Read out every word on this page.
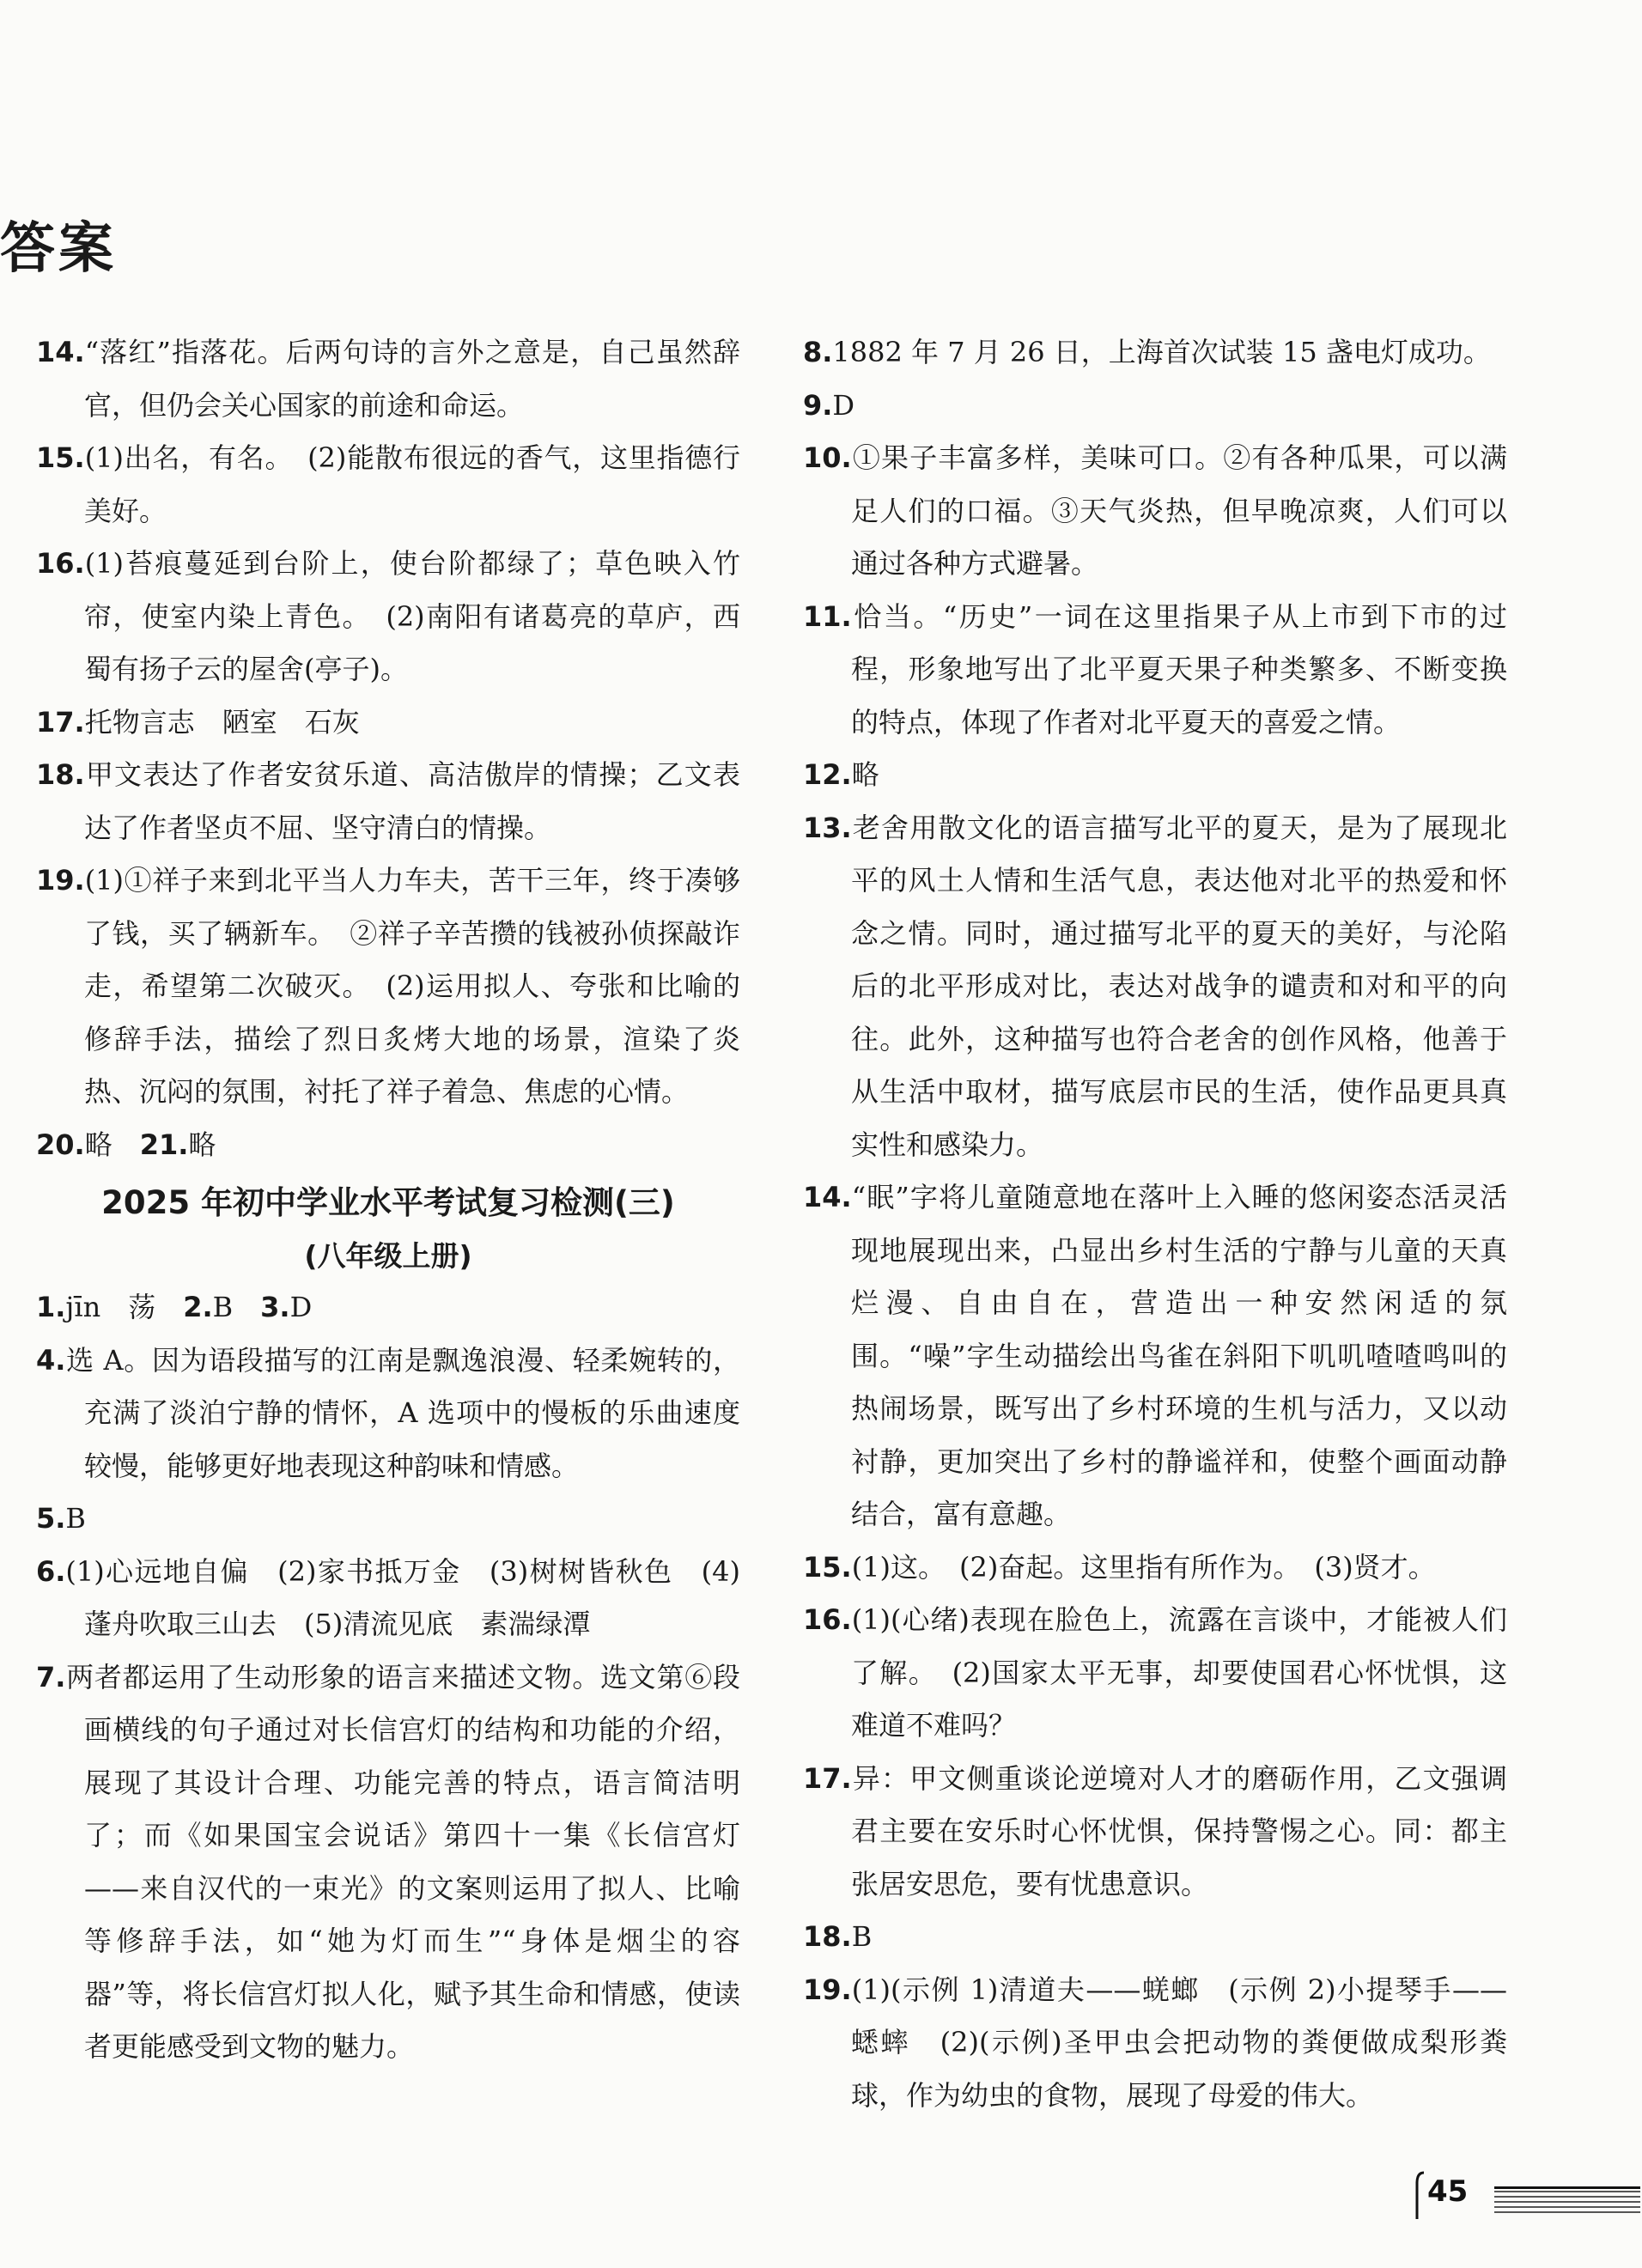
答案

14.“落红”指落花。后两句诗的言外之意是，自己虽然辞官，但仍会关心国家的前途和命运。

15.(1)出名，有名。　(2)能散布很远的香气，这里指德行美好。

16.(1)苔痕蔓延到台阶上，使台阶都绿了；草色映入竹帘，使室内染上青色。　(2)南阳有诸葛亮的草庐，西蜀有扬子云的屋舍(亭子)。

17.托物言志　陋室　石灰

18.甲文表达了作者安贫乐道、高洁傲岸的情操；乙文表达了作者坚贞不屈、坚守清白的情操。

19.(1)①祥子来到北平当人力车夫，苦干三年，终于凑够了钱，买了辆新车。　②祥子辛苦攒的钱被孙侦探敲诈走，希望第二次破灭。　(2)运用拟人、夸张和比喻的修辞手法，描绘了烈日炙烤大地的场景，渲染了炎热、沉闷的氛围，衬托了祥子着急、焦虑的心情。

20.略　21.略

2025 年初中学业水平考试复习检测(三)

(八年级上册)

1.jīn　荡　2.B　3.D

4.选 A。因为语段描写的江南是飘逸浪漫、轻柔婉转的，充满了淡泊宁静的情怀，A 选项中的慢板的乐曲速度较慢，能够更好地表现这种韵味和情感。

5.B

6.(1)心远地自偏　(2)家书抵万金　(3)树树皆秋色　(4)蓬舟吹取三山去　(5)清流见底　素湍绿潭

7.两者都运用了生动形象的语言来描述文物。选文第⑥段画横线的句子通过对长信宫灯的结构和功能的介绍，展现了其设计合理、功能完善的特点，语言简洁明了；而《如果国宝会说话》第四十一集《长信宫灯——来自汉代的一束光》的文案则运用了拟人、比喻等修辞手法，如“她为灯而生”“身体是烟尘的容器”等，将长信宫灯拟人化，赋予其生命和情感，使读者更能感受到文物的魅力。

8.1882 年 7 月 26 日，上海首次试装 15 盏电灯成功。

9.D

10.①果子丰富多样，美味可口。②有各种瓜果，可以满足人们的口福。③天气炎热，但早晚凉爽，人们可以通过各种方式避暑。

11.恰当。“历史”一词在这里指果子从上市到下市的过程，形象地写出了北平夏天果子种类繁多、不断变换的特点，体现了作者对北平夏天的喜爱之情。

12.略

13.老舍用散文化的语言描写北平的夏天，是为了展现北平的风土人情和生活气息，表达他对北平的热爱和怀念之情。同时，通过描写北平的夏天的美好，与沦陷后的北平形成对比，表达对战争的谴责和对和平的向往。此外，这种描写也符合老舍的创作风格，他善于从生活中取材，描写底层市民的生活，使作品更具真实性和感染力。

14.“眠”字将儿童随意地在落叶上入睡的悠闲姿态活灵活现地展现出来，凸显出乡村生活的宁静与儿童的天真烂漫、自由自在，营造出一种安然闲适的氛围。“噪”字生动描绘出鸟雀在斜阳下叽叽喳喳鸣叫的热闹场景，既写出了乡村环境的生机与活力，又以动衬静，更加突出了乡村的静谧祥和，使整个画面动静结合，富有意趣。

15.(1)这。　(2)奋起。这里指有所作为。　(3)贤才。

16.(1)(心绪)表现在脸色上，流露在言谈中，才能被人们了解。　(2)国家太平无事，却要使国君心怀忧惧，这难道不难吗？

17.异：甲文侧重谈论逆境对人才的磨砺作用，乙文强调君主要在安乐时心怀忧惧，保持警惕之心。同：都主张居安思危，要有忧患意识。

18.B

19.(1)(示例 1)清道夫——蜣螂　(示例 2)小提琴手——蟋蟀　(2)(示例)圣甲虫会把动物的粪便做成梨形粪球，作为幼虫的食物，展现了母爱的伟大。

45
